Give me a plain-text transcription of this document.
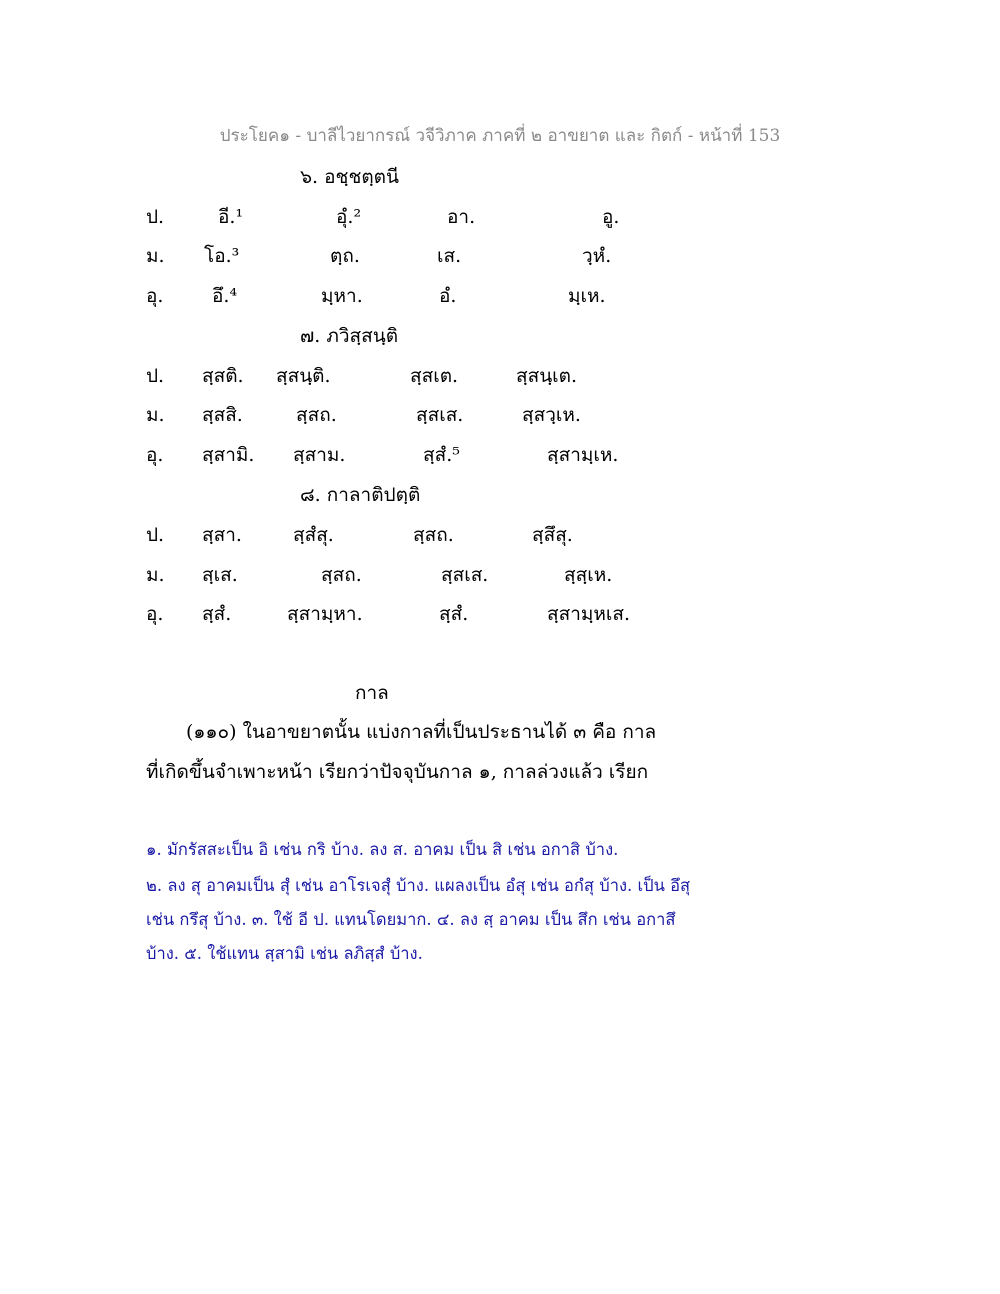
ประโยค๑ - บาลีไวยากรณ์ วจีวิภาค ภาคที่ ๒ อาขยาต และ กิตก์ - หน้าที่ 153
๖. อชฺชตฺตนี
ป.	อี.¹	อุํ.²	อา.	อู.
ม. โอ.³	ตฺถ.	เส.	วฺหํ.
อุ.	อึ.⁴	มฺหา.	อํ.	มฺเห.
๗. ภวิสฺสนฺติ
ป. สฺสติ. สฺสนฺติ.	สฺสเต.	สฺสนฺเต.
ม. สฺสสิ.	สฺสถ.	สฺสเส.	สฺสวฺเห.
อุ. สฺสามิ. สฺสาม.	สฺสํ.⁵	สฺสามฺเห.
๘. กาลาติปตฺติ
ป. สฺสา.	สฺสํสุ.	สฺสถ.	สฺสึสุ.
ม. สฺเส.	สฺสถ.	สฺสเส.	สฺสฺเห.
อุ. สฺสํ.	สฺสามฺหา.	สฺสํ.	สฺสามฺหเส.
กาล
(๑๑๐) ในอาขยาตนั้น แบ่งกาลที่เป็นประธานได้ ๓ คือ กาล
ที่เกิดขึ้นจำเพาะหน้า เรียกว่าปัจจุบันกาล ๑, กาลล่วงแล้ว เรียก
๑. มักรัสสะเป็น อิ เช่น กริ บ้าง. ลง ส. อาคม เป็น สิ เช่น อกาสิ บ้าง.
๒. ลง สุ อาคมเป็น สุํ เช่น อาโรเจสุํ บ้าง. แผลงเป็น อํสุ เช่น อกํสุ บ้าง. เป็น อึสุ
เช่น กรึสุ บ้าง. ๓. ใช้ อี ป. แทนโดยมาก. ๔. ลง สฺ อาคม เป็น สึก เช่น อกาสึ
บ้าง. ๕. ใช้แทน สฺสามิ เช่น ลภิสฺสํ บ้าง.
